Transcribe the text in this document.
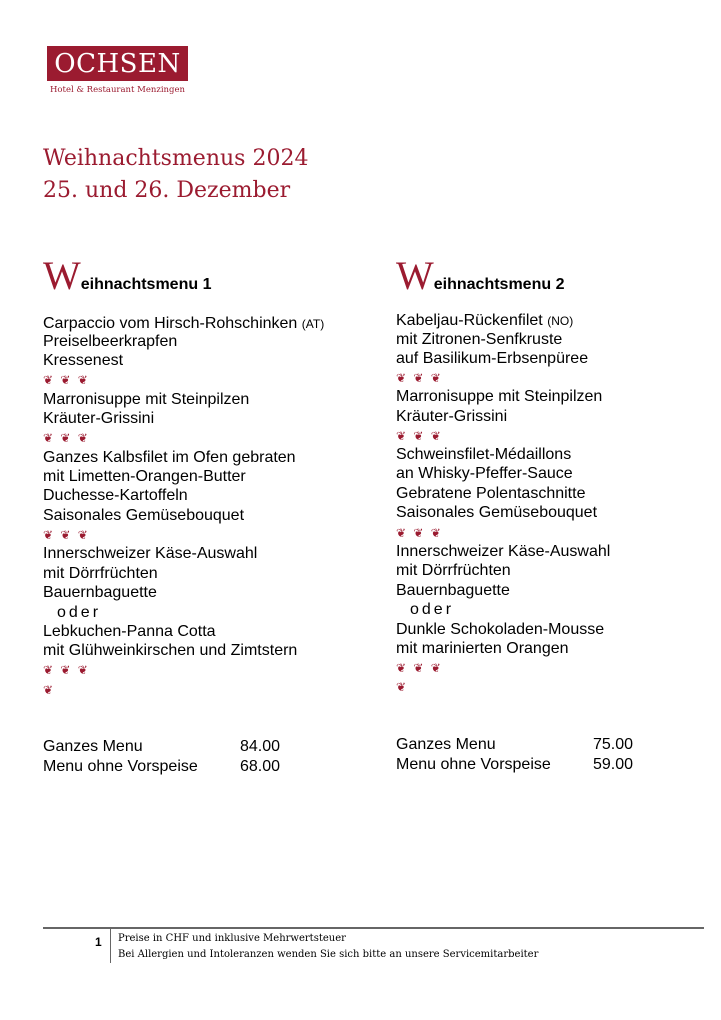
OCHSEN
Hotel & Restaurant Menzingen
Weihnachtsmenus 2024
25. und 26. Dezember
Weihnachtsmenu 1
Carpaccio vom Hirsch-Rohschinken (AT)
Preiselbeerkrapfen
Kressenest
❦ ❦ ❦
Marronisuppe mit Steinpilzen
Kräuter-Grissini
❦ ❦ ❦
Ganzes Kalbsfilet im Ofen gebraten
mit Limetten-Orangen-Butter
Duchesse-Kartoffeln
Saisonales Gemüsebouquet
❦ ❦ ❦
Innerschweizer Käse-Auswahl
mit Dörrfrüchten
Bauernbaguette
oder
Lebkuchen-Panna Cotta
mit Glühweinkirschen und Zimtstern
❦ ❦ ❦
❦
Ganzes Menu	84.00
Menu ohne Vorspeise	68.00
Weihnachtsmenu 2
Kabeljau-Rückenfilet (NO)
mit Zitronen-Senfkruste
auf Basilikum-Erbsenpüree
❦ ❦ ❦
Marronisuppe mit Steinpilzen
Kräuter-Grissini
❦ ❦ ❦
Schweinsfilet-Médaillons
an Whisky-Pfeffer-Sauce
Gebratene Polentaschnitte
Saisonales Gemüsebouquet
❦ ❦ ❦
Innerschweizer Käse-Auswahl
mit Dörrfrüchten
Bauernbaguette
oder
Dunkle Schokoladen-Mousse
mit marinierten Orangen
❦ ❦ ❦
❦
Ganzes Menu	75.00
Menu ohne Vorspeise	59.00
1 Preise in CHF und inklusive Mehrwertsteuer
Bei Allergien und Intoleranzen wenden Sie sich bitte an unsere Servicemitarbeiter
